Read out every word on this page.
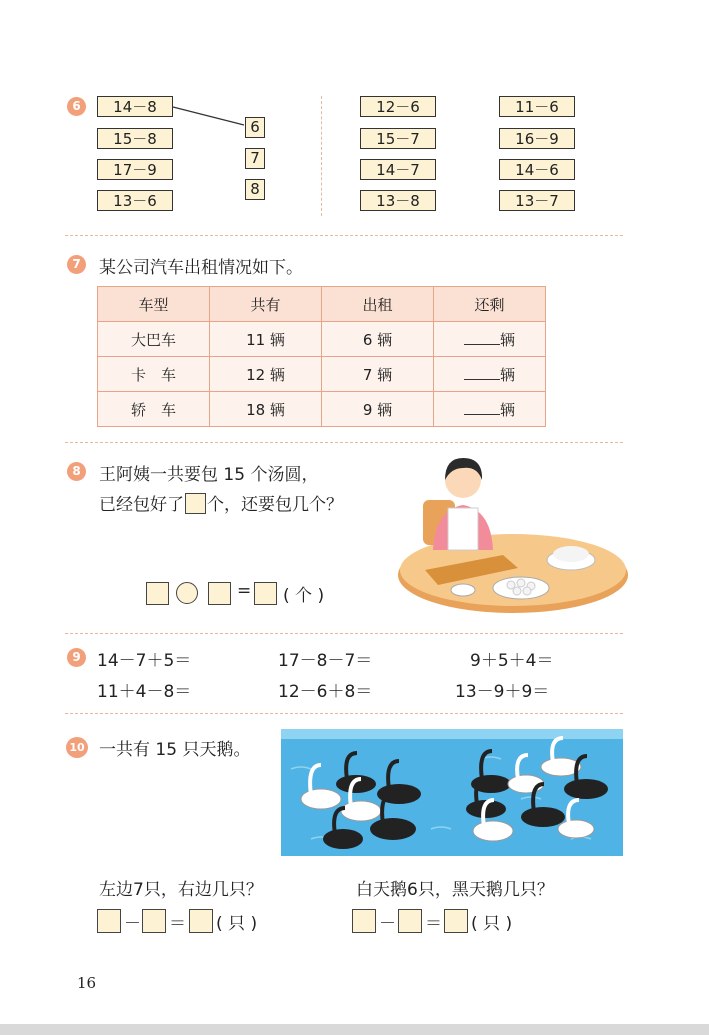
6	14－8
15－8
17－9
13－6
6
7
8
12－6
15－7
14－7
13－8
11－6
16－9
14－6
13－7
7	某公司汽车出租情况如下。
车型	共有	出租	还剩
大巴车	11 辆	6 辆	辆
卡　车	12 辆	7 辆	辆
轿　车	18 辆	9 辆	辆
8	王阿姨一共要包 15 个汤圆，
已经包好了 个，还要包几个？
= ( 个 )
9 14－7＋5＝	17－8－7＝	9＋5＋4＝
11＋4－8＝	12－6＋8＝	13－9＋9＝
10 一共有 15 只天鹅。
左边7只，右边几只？	白天鹅6只，黑天鹅几只？
－ ＝ ( 只 )	－ ＝ ( 只 )
16
